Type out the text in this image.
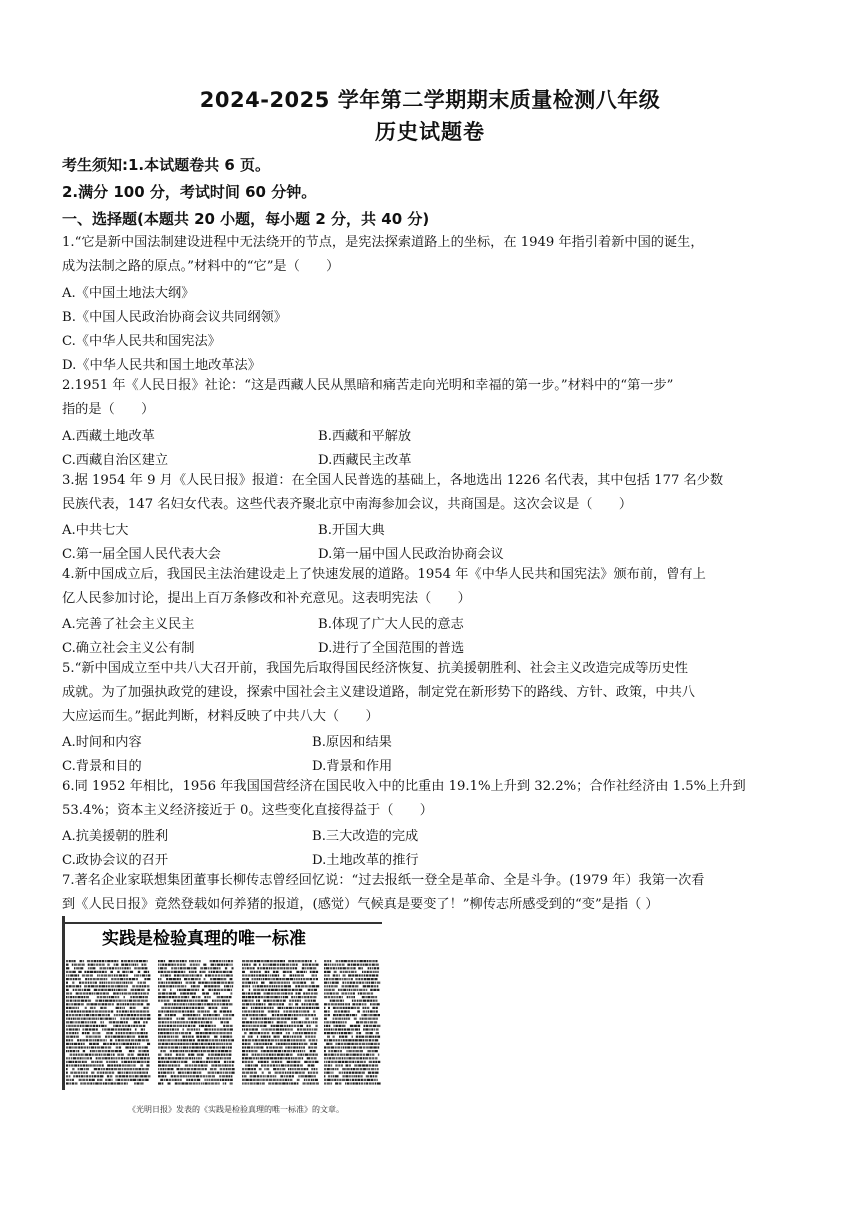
2024-2025 学年第二学期期末质量检测八年级
历史试题卷
考生须知:1.本试题卷共 6 页。
2.满分 100 分，考试时间 60 分钟。
一、选择题(本题共 20 小题，每小题 2 分，共 40 分)
1.“它是新中国法制建设进程中无法绕开的节点，是宪法探索道路上的坐标，在 1949 年指引着新中国的诞生，
成为法制之路的原点。”材料中的“它”是（　　）
A.《中国土地法大纲》
B.《中国人民政治协商会议共同纲领》
C.《中华人民共和国宪法》
D.《中华人民共和国土地改革法》
2.1951 年《人民日报》社论：“这是西藏人民从黑暗和痛苦走向光明和幸福的第一步。”材料中的“第一步”
指的是（　　）
A.西藏土地改革	B.西藏和平解放
C.西藏自治区建立	D.西藏民主改革
3.据 1954 年 9 月《人民日报》报道：在全国人民普选的基础上，各地选出 1226 名代表，其中包括 177 名少数
民族代表，147 名妇女代表。这些代表齐聚北京中南海参加会议，共商国是。这次会议是（　　）
A.中共七大	B.开国大典
C.第一届全国人民代表大会	D.第一届中国人民政治协商会议
4.新中国成立后，我国民主法治建设走上了快速发展的道路。1954 年《中华人民共和国宪法》颁布前，曾有上
亿人民参加讨论，提出上百万条修改和补充意见。这表明宪法（　　）
A.完善了社会主义民主	B.体现了广大人民的意志
C.确立社会主义公有制	D.进行了全国范围的普选
5.“新中国成立至中共八大召开前，我国先后取得国民经济恢复、抗美援朝胜利、社会主义改造完成等历史性
成就。为了加强执政党的建设，探索中国社会主义建设道路，制定党在新形势下的路线、方针、政策，中共八
大应运而生。”据此判断，材料反映了中共八大（　　）
A.时间和内容	B.原因和结果
C.背景和目的	D.背景和作用
6.同 1952 年相比，1956 年我国国营经济在国民收入中的比重由 19.1%上升到 32.2%；合作社经济由 1.5%上升到
53.4%；资本主义经济接近于 0。这些变化直接得益于（　　）
A.抗美援朝的胜利	B.三大改造的完成
C.政协会议的召开	D.土地改革的推行
7.著名企业家联想集团董事长柳传志曾经回忆说：“过去报纸一登全是革命、全是斗争。(1979 年）我第一次看
到《人民日报》竟然登载如何养猪的报道，(感觉）气候真是要变了！”柳传志所感受到的“变”是指（ ）
实践是检验真理的唯一标准
《光明日报》发表的《实践是检验真理的唯一标准》的文章。
